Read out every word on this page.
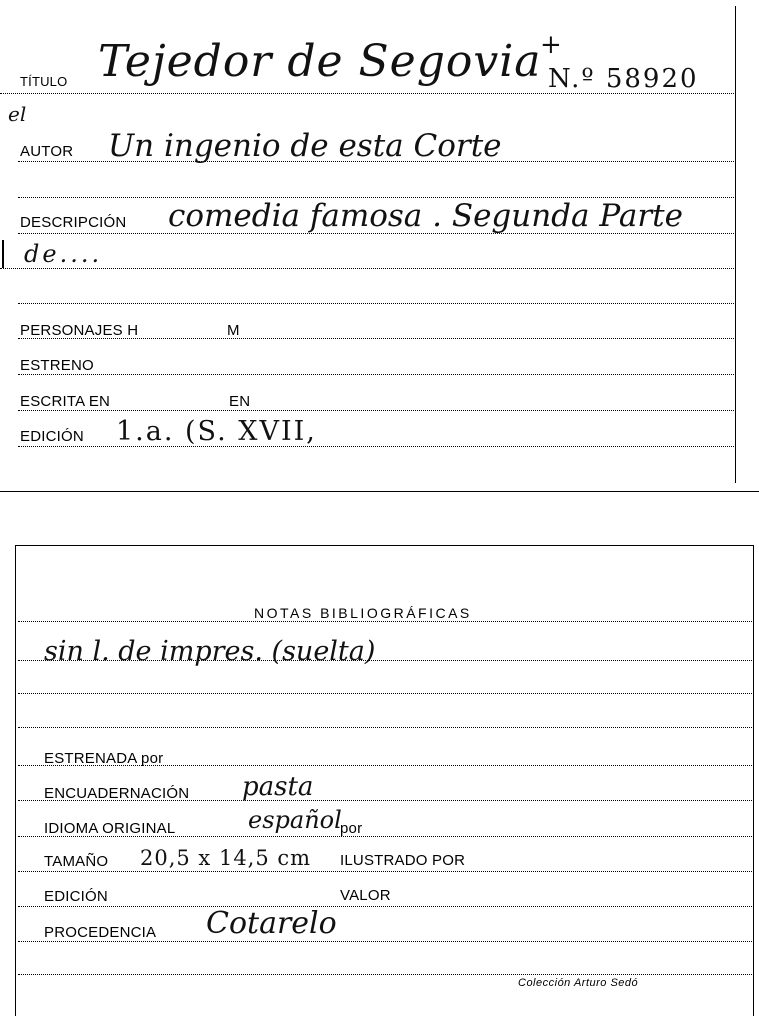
TÍTULO Tejedor de Segovia
+
N.º 58920
el
AUTOR Un ingenio de esta Corte
DESCRIPCIÓN comedia famosa . Segunda Parte
de....
PERSONAJES H	M
ESTRENO
ESCRITA EN	EN
EDICIÓN 1.a. (S. XVII,
NOTAS BIBLIOGRÁFICAS
sin l. de impres. (suelta)
ESTRENADA por
ENCUADERNACIÓN pasta
IDIOMA ORIGINAL	español
por
TAMAÑO 20,5 x 14,5 cm ILUSTRADO POR
EDICIÓN	VALOR
PROCEDENCIA Cotarelo
Colección Arturo Sedó
